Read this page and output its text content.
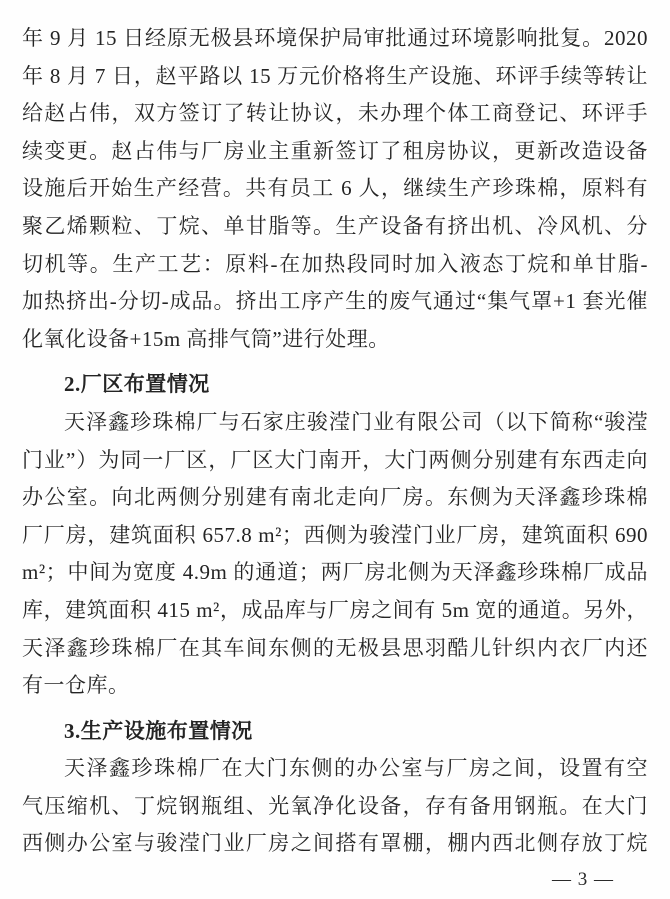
年 9 月 15 日经原无极县环境保护局审批通过环境影响批复。2020
年 8 月 7 日，赵平路以 15 万元价格将生产设施、环评手续等转让
给赵占伟，双方签订了转让协议，未办理个体工商登记、环评手
续变更。赵占伟与厂房业主重新签订了租房协议，更新改造设备
设施后开始生产经营。共有员工 6 人，继续生产珍珠棉，原料有
聚乙烯颗粒、丁烷、单甘脂等。生产设备有挤出机、冷风机、分
切机等。生产工艺：原料-在加热段同时加入液态丁烷和单甘脂-
加热挤出-分切-成品。挤出工序产生的废气通过“集气罩+1 套光催
化氧化设备+15m 高排气筒”进行处理。
2.厂区布置情况
天泽鑫珍珠棉厂与石家庄骏滢门业有限公司（以下简称“骏滢
门业”）为同一厂区，厂区大门南开，大门两侧分别建有东西走向
办公室。向北两侧分别建有南北走向厂房。东侧为天泽鑫珍珠棉
厂厂房，建筑面积 657.8 m²；西侧为骏滢门业厂房，建筑面积 690
m²；中间为宽度 4.9m 的通道；两厂房北侧为天泽鑫珍珠棉厂成品
库，建筑面积 415 m²，成品库与厂房之间有 5m 宽的通道。另外，
天泽鑫珍珠棉厂在其车间东侧的无极县思羽酷儿针织内衣厂内还
有一仓库。
3.生产设施布置情况
天泽鑫珍珠棉厂在大门东侧的办公室与厂房之间，设置有空
气压缩机、丁烷钢瓶组、光氧净化设备，存有备用钢瓶。在大门
西侧办公室与骏滢门业厂房之间搭有罩棚，棚内西北侧存放丁烷
— 3 —
